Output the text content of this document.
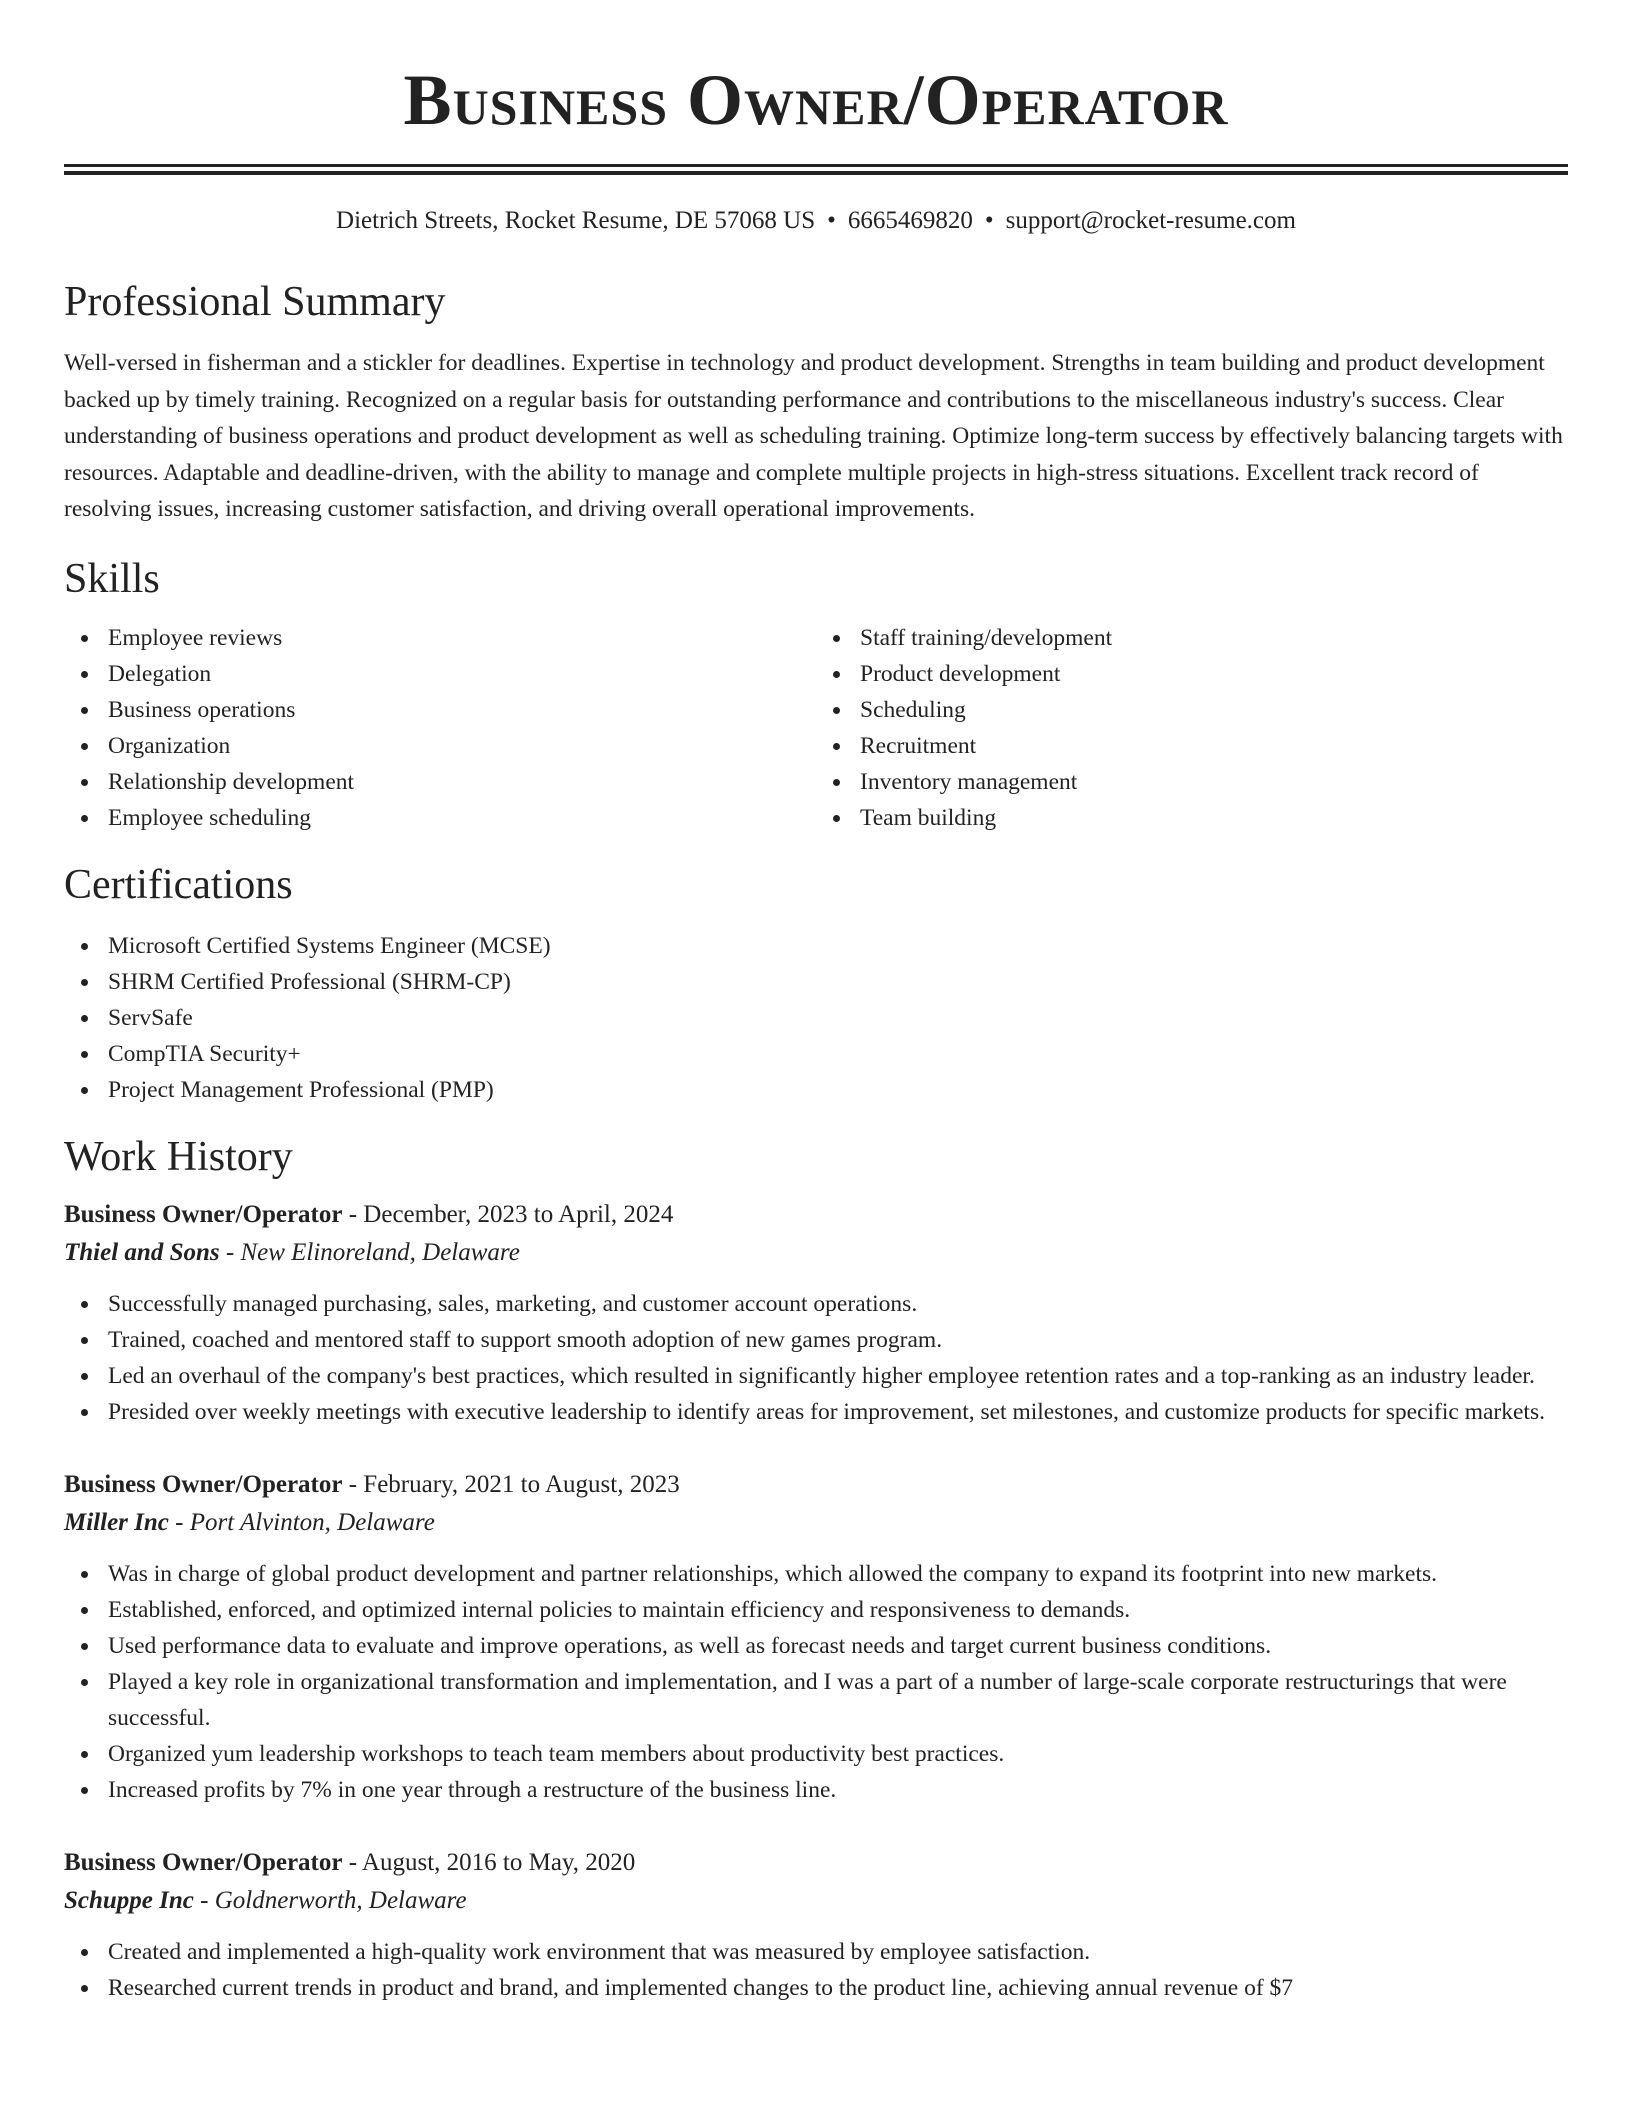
Business Owner/Operator
Dietrich Streets, Rocket Resume, DE 57068 US • 6665469820 • support@rocket-resume.com
Professional Summary

Well-versed in fisherman and a stickler for deadlines. Expertise in technology and product development. Strengths in team building and product development backed up by timely training. Recognized on a regular basis for outstanding performance and contributions to the miscellaneous industry's success. Clear understanding of business operations and product development as well as scheduling training. Optimize long-term success by effectively balancing targets with resources. Adaptable and deadline-driven, with the ability to manage and complete multiple projects in high-stress situations. Excellent track record of resolving issues, increasing customer satisfaction, and driving overall operational improvements.

Skills
Employee reviews
Delegation
Business operations
Organization
Relationship development
Employee scheduling
Staff training/development
Product development
Scheduling
Recruitment
Inventory management
Team building
Certifications
Microsoft Certified Systems Engineer (MCSE)
SHRM Certified Professional (SHRM-CP)
ServSafe
CompTIA Security+
Project Management Professional (PMP)
Work History
Business Owner/Operator - December, 2023 to April, 2024
Thiel and Sons - New Elinoreland, Delaware
Successfully managed purchasing, sales, marketing, and customer account operations.
Trained, coached and mentored staff to support smooth adoption of new games program.
Led an overhaul of the company's best practices, which resulted in significantly higher employee retention rates and a top-ranking as an industry leader.
Presided over weekly meetings with executive leadership to identify areas for improvement, set milestones, and customize products for specific markets.
Business Owner/Operator - February, 2021 to August, 2023
Miller Inc - Port Alvinton, Delaware
Was in charge of global product development and partner relationships, which allowed the company to expand its footprint into new markets.
Established, enforced, and optimized internal policies to maintain efficiency and responsiveness to demands.
Used performance data to evaluate and improve operations, as well as forecast needs and target current business conditions.
Played a key role in organizational transformation and implementation, and I was a part of a number of large-scale corporate restructurings that were successful.
Organized yum leadership workshops to teach team members about productivity best practices.
Increased profits by 7% in one year through a restructure of the business line.
Business Owner/Operator - August, 2016 to May, 2020
Schuppe Inc - Goldnerworth, Delaware
Created and implemented a high-quality work environment that was measured by employee satisfaction.
Researched current trends in product and brand, and implemented changes to the product line, achieving annual revenue of $7
